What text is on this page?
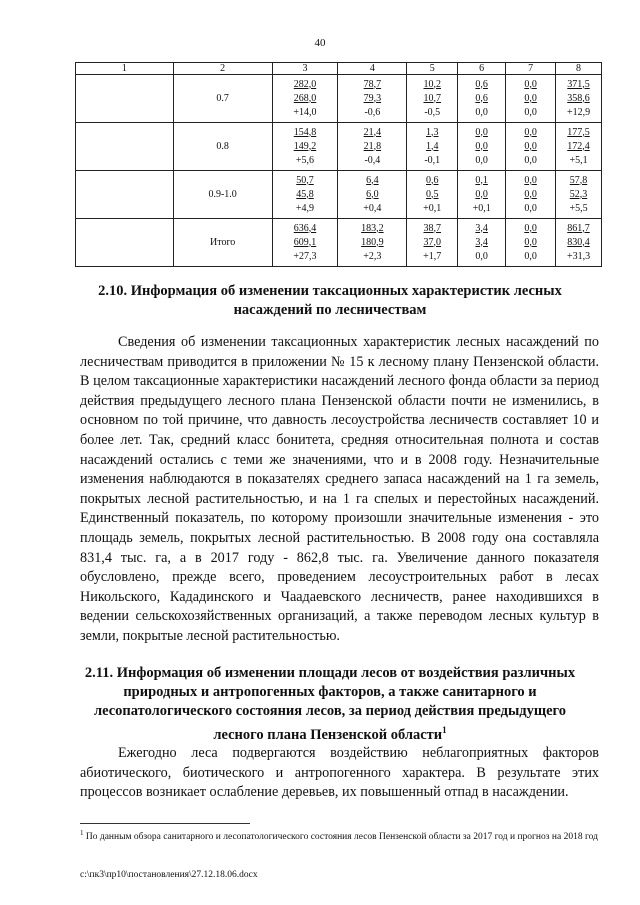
40
1	2	3	4	5	6	7	8
	0.7	282,0
268,0
+14,0	78,7
79,3
-0,6	10,2
10,7
-0,5	0,6
0,6
0,0	0,0
0,0
0,0	371,5
358,6
+12,9

	0.8	154,8
149,2
+5,6	21,4
21,8
-0,4	1,3
1,4
-0,1	0,0
0,0
0,0	0,0
0,0
0,0	177,5
172,4
+5,1

	0.9-1.0	50,7
45,8
+4,9	6,4
6,0
+0,4	0,6
0,5
+0,1	0,1
0,0
+0,1	0,0
0,0
0,0	57,8
52,3
+5,5

	Итого	636,4
609,1
+27,3	183,2
180,9
+2,3	38,7
37,0
+1,7	3,4
3,4
0,0	0,0
0,0
0,0	861,7
830,4
+31,3
2.10. Информация об изменении таксационных характеристик лесных насаждений по лесничествам

Сведения об изменении таксационных характеристик лесных насаждений по лесничествам приводится в приложении № 15 к лесному плану Пензенской области. В целом таксационные характеристики насаждений лесного фонда области за период действия предыдущего лесного плана Пензенской области почти не изменились, в основном по той причине, что давность лесоустройства лесничеств составляет 10 и более лет. Так, средний класс бонитета, средняя относительная полнота и состав насаждений остались с теми же значениями, что и в 2008 году. Незначительные изменения наблюдаются в показателях среднего запаса насаждений на 1 га земель, покрытых лесной растительностью, и на 1 га спелых и перестойных насаждений. Единственный показатель, по которому произошли значительные изменения - это площадь земель, покрытых лесной растительностью. В 2008 году она составляла 831,4 тыс. га, а в 2017 году - 862,8 тыс. га. Увеличение данного показателя обусловлено, прежде всего, проведением лесоустроительных работ в лесах Никольского, Кададинского и Чаадаевского лесничеств, ранее находившихся в ведении сельскохозяйственных организаций, а также переводом лесных культур в земли, покрытые лесной растительностью.

2.11. Информация об изменении площади лесов от воздействия различных природных и антропогенных факторов, а также санитарного и лесопатологического состояния лесов, за период действия предыдущего лесного плана Пензенской области$^1$

Ежегодно леса подвергаются воздействию неблагоприятных факторов абиотического, биотического и антропогенного характера. В результате этих процессов возникает ослабление деревьев, их повышенный отпад в насаждении.

$^1$ По данным обзора санитарного и лесопатологического состояния лесов Пензенской области за 2017 год и прогноз на 2018 год

c:\пк3\пр10\постановления\27.12.18.06.docx
